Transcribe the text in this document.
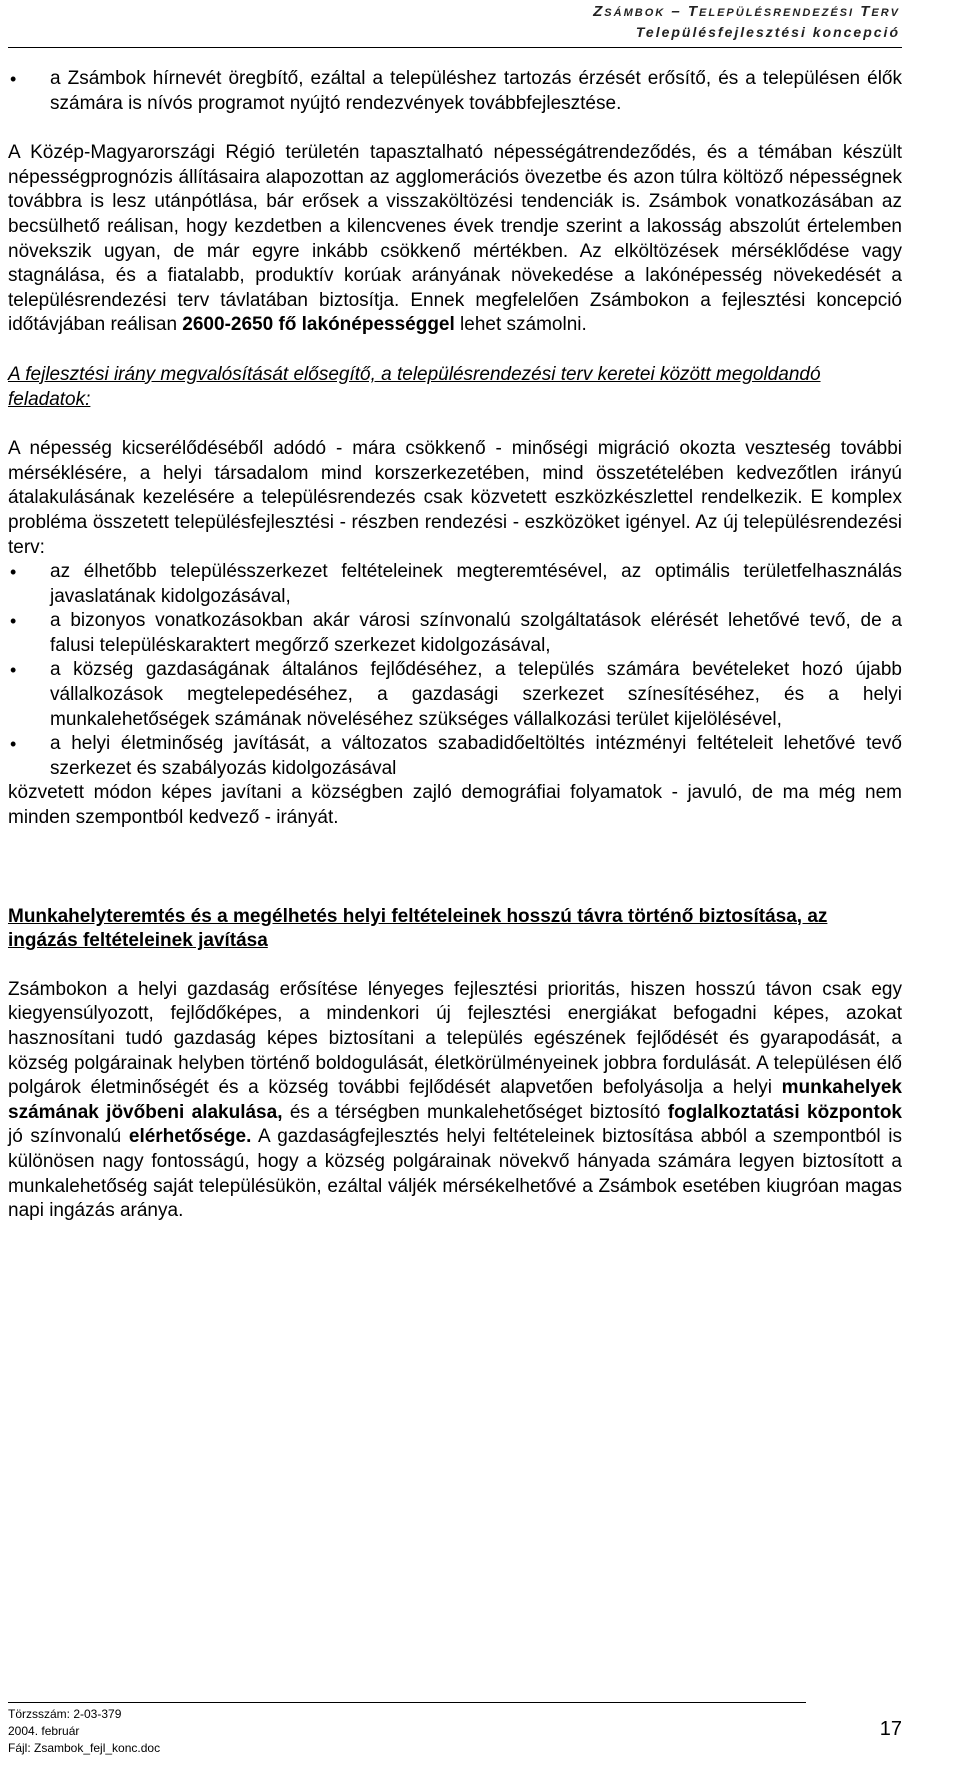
Zsámbok – Településrendezési Terv
Településfejlesztési koncepció
• a Zsámbok hírnevét öregbítő, ezáltal a településhez tartozás érzését erősítő, és a településen élők számára is nívós programot nyújtó rendezvények továbbfejlesztése.

A Közép-Magyarországi Régió területén tapasztalható népességátrendeződés, és a témában készült népességprognózis állításaira alapozottan az agglomerációs övezetbe és azon túlra költöző népességnek továbbra is lesz utánpótlása, bár erősek a visszaköltözési tendenciák is. Zsámbok vonatkozásában az becsülhető reálisan, hogy kezdetben a kilencvenes évek trendje szerint a lakosság abszolút értelemben növekszik ugyan, de már egyre inkább csökkenő mértékben. Az elköltözések mérséklődése vagy stagnálása, és a fiatalabb, produktív korúak arányának növekedése a lakónépesség növekedését a településrendezési terv távlatában biztosítja. Ennek megfelelően Zsámbokon a fejlesztési koncepció időtávjában reálisan 2600-2650 fő lakónépességgel lehet számolni.

A fejlesztési irány megvalósítását elősegítő, a településrendezési terv keretei között megoldandó feladatok:

A népesség kicserélődéséből adódó - mára csökkenő - minőségi migráció okozta veszteség további mérséklésére, a helyi társadalom mind korszerkezetében, mind összetételében kedvezőtlen irányú átalakulásának kezelésére a településrendezés csak közvetett eszközkészlettel rendelkezik. E komplex probléma összetett településfejlesztési - részben rendezési - eszközöket igényel. Az új településrendezési terv:

• az élhetőbb településszerkezet feltételeinek megteremtésével, az optimális területfelhasználás javaslatának kidolgozásával,
• a bizonyos vonatkozásokban akár városi színvonalú szolgáltatások elérését lehetővé tevő, de a falusi településkaraktert megőrző szerkezet kidolgozásával,
• a község gazdaságának általános fejlődéséhez, a település számára bevételeket hozó újabb vállalkozások megtelepedéséhez, a gazdasági szerkezet színesítéséhez, és a helyi munkalehetőségek számának növeléséhez szükséges vállalkozási terület kijelölésével,
• a helyi életminőség javítását, a változatos szabadidőeltöltés intézményi feltételeit lehetővé tevő szerkezet és szabályozás kidolgozásával

közvetett módon képes javítani a községben zajló demográfiai folyamatok - javuló, de ma még nem minden szempontból kedvező - irányát.

Munkahelyteremtés és a megélhetés helyi feltételeinek hosszú távra történő biztosítása, az ingázás feltételeinek javítása

Zsámbokon a helyi gazdaság erősítése lényeges fejlesztési prioritás, hiszen hosszú távon csak egy kiegyensúlyozott, fejlődőképes, a mindenkori új fejlesztési energiákat befogadni képes, azokat hasznosítani tudó gazdaság képes biztosítani a település egészének fejlődését és gyarapodását, a község polgárainak helyben történő boldogulását, életkörülményeinek jobbra fordulását. A településen élő polgárok életminőségét és a község további fejlődését alapvetően befolyásolja a helyi munkahelyek számának jövőbeni alakulása, és a térségben munkalehetőséget biztosító foglalkoztatási központok jó színvonalú elérhetősége. A gazdaságfejlesztés helyi feltételeinek biztosítása abból a szempontból is különösen nagy fontosságú, hogy a község polgárainak növekvő hányada számára legyen biztosított a munkalehetőség saját településükön, ezáltal váljék mérsékelhetővé a Zsámbok esetében kiugróan magas napi ingázás aránya.

Törzsszám: 2-03-379
2004. február
Fájl: Zsambok_fejl_konc.doc
17
